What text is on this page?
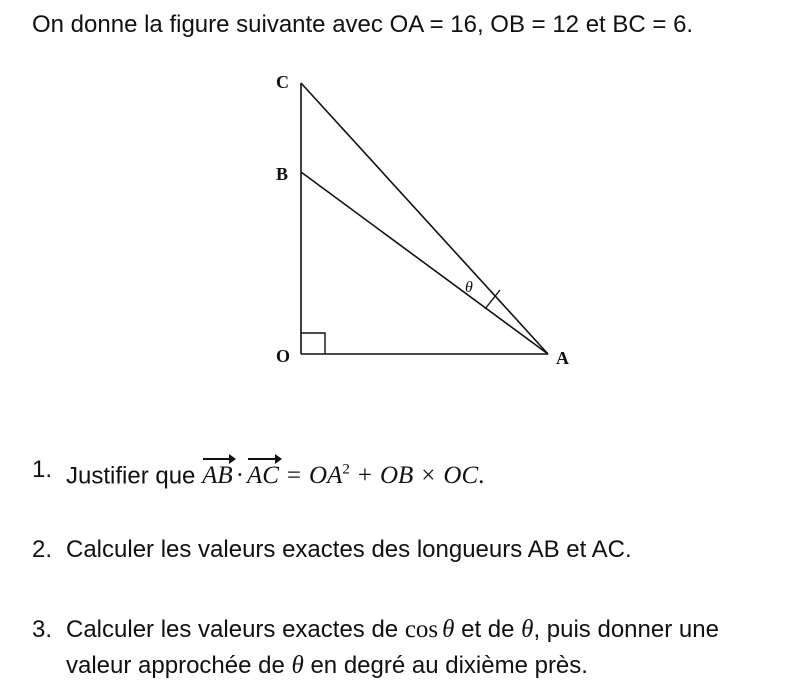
On donne la figure suivante avec OA = 16, OB = 12 et BC = 6.
C
B
O	A
θ
1. Justifier que AB · AC = $OA^2$ + OB × OC.
2. Calculer les valeurs exactes des longueurs AB et AC.
3. Calculer les valeurs exactes de cos θ et de θ, puis donner une
valeur approchée de θ en degré au dixième près.
